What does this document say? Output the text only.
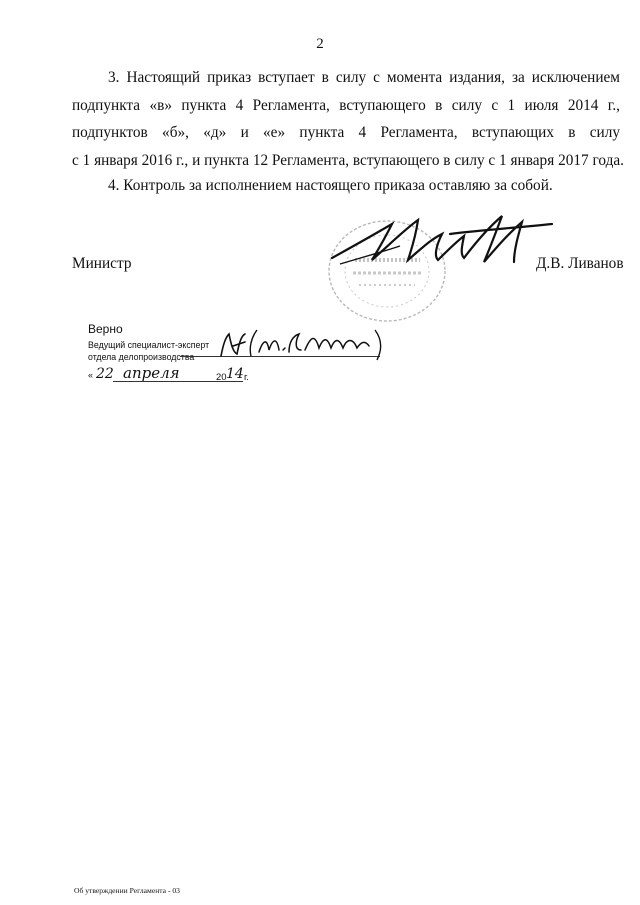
2
3. Настоящий приказ вступает в силу с момента издания, за исключением
подпункта «в» пункта 4 Регламента, вступающего в силу с 1 июля 2014 г.,
подпунктов «б», «д» и «е» пункта 4 Регламента, вступающих в силу
с 1 января 2016 г., и пункта 12 Регламента, вступающего в силу с 1 января 2017 года.
4. Контроль за исполнением настоящего приказа оставляю за собой.
Министр	Д.В. Ливанов
Верно
Ведущий специалист-эксперт
отдела делопроизводства
« 22 апреля	20 14 г.
Об утверждении Регламента - 03
